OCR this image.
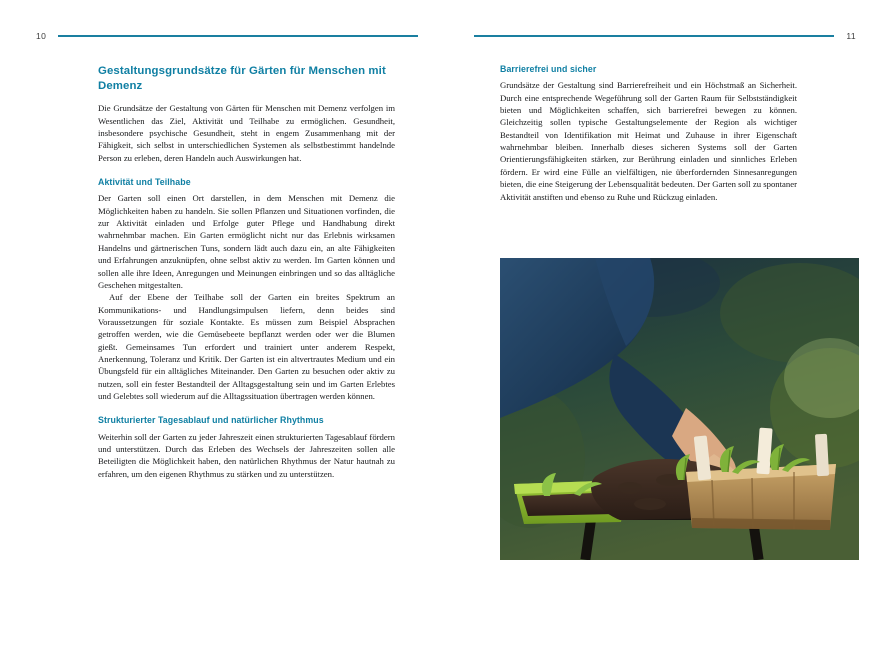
10
Gestaltungsgrundsätze für Gärten für Menschen mit Demenz

Die Grundsätze der Gestaltung von Gärten für Menschen mit Demenz verfolgen im Wesentlichen das Ziel, Aktivität und Teilhabe zu ermöglichen. Gesundheit, insbesondere psychische Gesundheit, steht in engem Zusammenhang mit der Fähigkeit, sich selbst in unterschiedlichen Systemen als selbstbestimmt handelnde Person zu erleben, deren Handeln auch Auswirkungen hat.

Aktivität und Teilhabe

Der Garten soll einen Ort darstellen, in dem Menschen mit Demenz die Möglichkeiten haben zu handeln. Sie sollen Pflanzen und Situationen vorfinden, die zur Aktivität einladen und Erfolge guter Pflege und Handhabung direkt wahrnehmbar machen. Ein Garten ermöglicht nicht nur das Erlebnis wirksamen Handelns und gärtnerischen Tuns, sondern lädt auch dazu ein, an alte Fähigkeiten und Erfahrungen anzuknüpfen, ohne selbst aktiv zu werden. Im Garten können und sollen alle ihre Ideen, Anregungen und Meinungen einbringen und so das alltägliche Geschehen mitgestalten.

Auf der Ebene der Teilhabe soll der Garten ein breites Spektrum an Kommunikations- und Handlungsimpulsen liefern, denn beides sind Voraussetzungen für soziale Kontakte. Es müssen zum Beispiel Absprachen getroffen werden, wie die Gemüsebeete bepflanzt werden oder wer die Blumen gießt. Gemeinsames Tun erfordert und trainiert unter anderem Respekt, Anerkennung, Toleranz und Kritik. Der Garten ist ein altvertrautes Medium und ein Übungsfeld für ein alltägliches Miteinander. Den Garten zu besuchen oder aktiv zu nutzen, soll ein fester Bestandteil der Alltagsgestaltung sein und im Garten Erlebtes und Gelebtes soll wiederum auf die Alltagssituation übertragen werden können.

Strukturierter Tagesablauf und natürlicher Rhythmus

Weiterhin soll der Garten zu jeder Jahreszeit einen strukturierten Tagesablauf fördern und unterstützen. Durch das Erleben des Wechsels der Jahreszeiten sollen alle Beteiligten die Möglichkeit haben, den natürlichen Rhythmus der Natur hautnah zu erfahren, um den eigenen Rhythmus zu stärken und zu unterstützen.

11
Barrierefrei und sicher

Grundsätze der Gestaltung sind Barrierefreiheit und ein Höchstmaß an Sicherheit. Durch eine entsprechende Wegeführung soll der Garten Raum für Selbstständigkeit bieten und Möglichkeiten schaffen, sich barrierefrei bewegen zu können. Gleichzeitig sollen typische Gestaltungselemente der Region als wichtiger Bestandteil von Identifikation mit Heimat und Zuhause in ihrer Eigenschaft wahrnehmbar bleiben. Innerhalb dieses sicheren Systems soll der Garten Orientierungsfähigkeiten stärken, zur Berührung einladen und sinnliches Erleben fördern. Er wird eine Fülle an vielfältigen, nie überfordernden Sinnesanregungen bieten, die eine Steigerung der Lebensqualität bedeuten. Der Garten soll zu spontaner Aktivität anstiften und ebenso zu Ruhe und Rückzug einladen.
